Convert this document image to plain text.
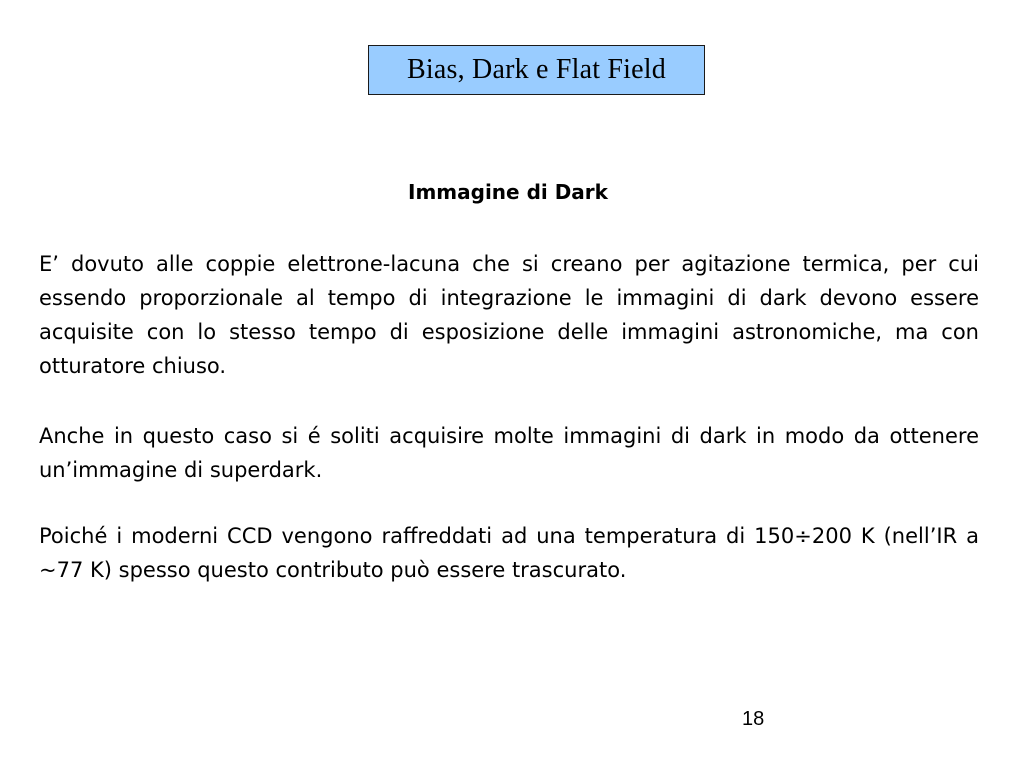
Bias, Dark e Flat Field

Immagine di Dark

E’ dovuto alle coppie elettrone-lacuna che si creano per agitazione termica, per cui essendo proporzionale al tempo di integrazione le immagini di dark devono essere acquisite con lo stesso tempo di esposizione delle immagini astronomiche, ma con otturatore chiuso.

Anche in questo caso si é soliti acquisire molte immagini di dark in modo da ottenere un’immagine di superdark.

Poiché i moderni CCD vengono raffreddati ad una temperatura di 150÷200 K (nell’IR a ~77 K) spesso questo contributo può essere trascurato.

18
